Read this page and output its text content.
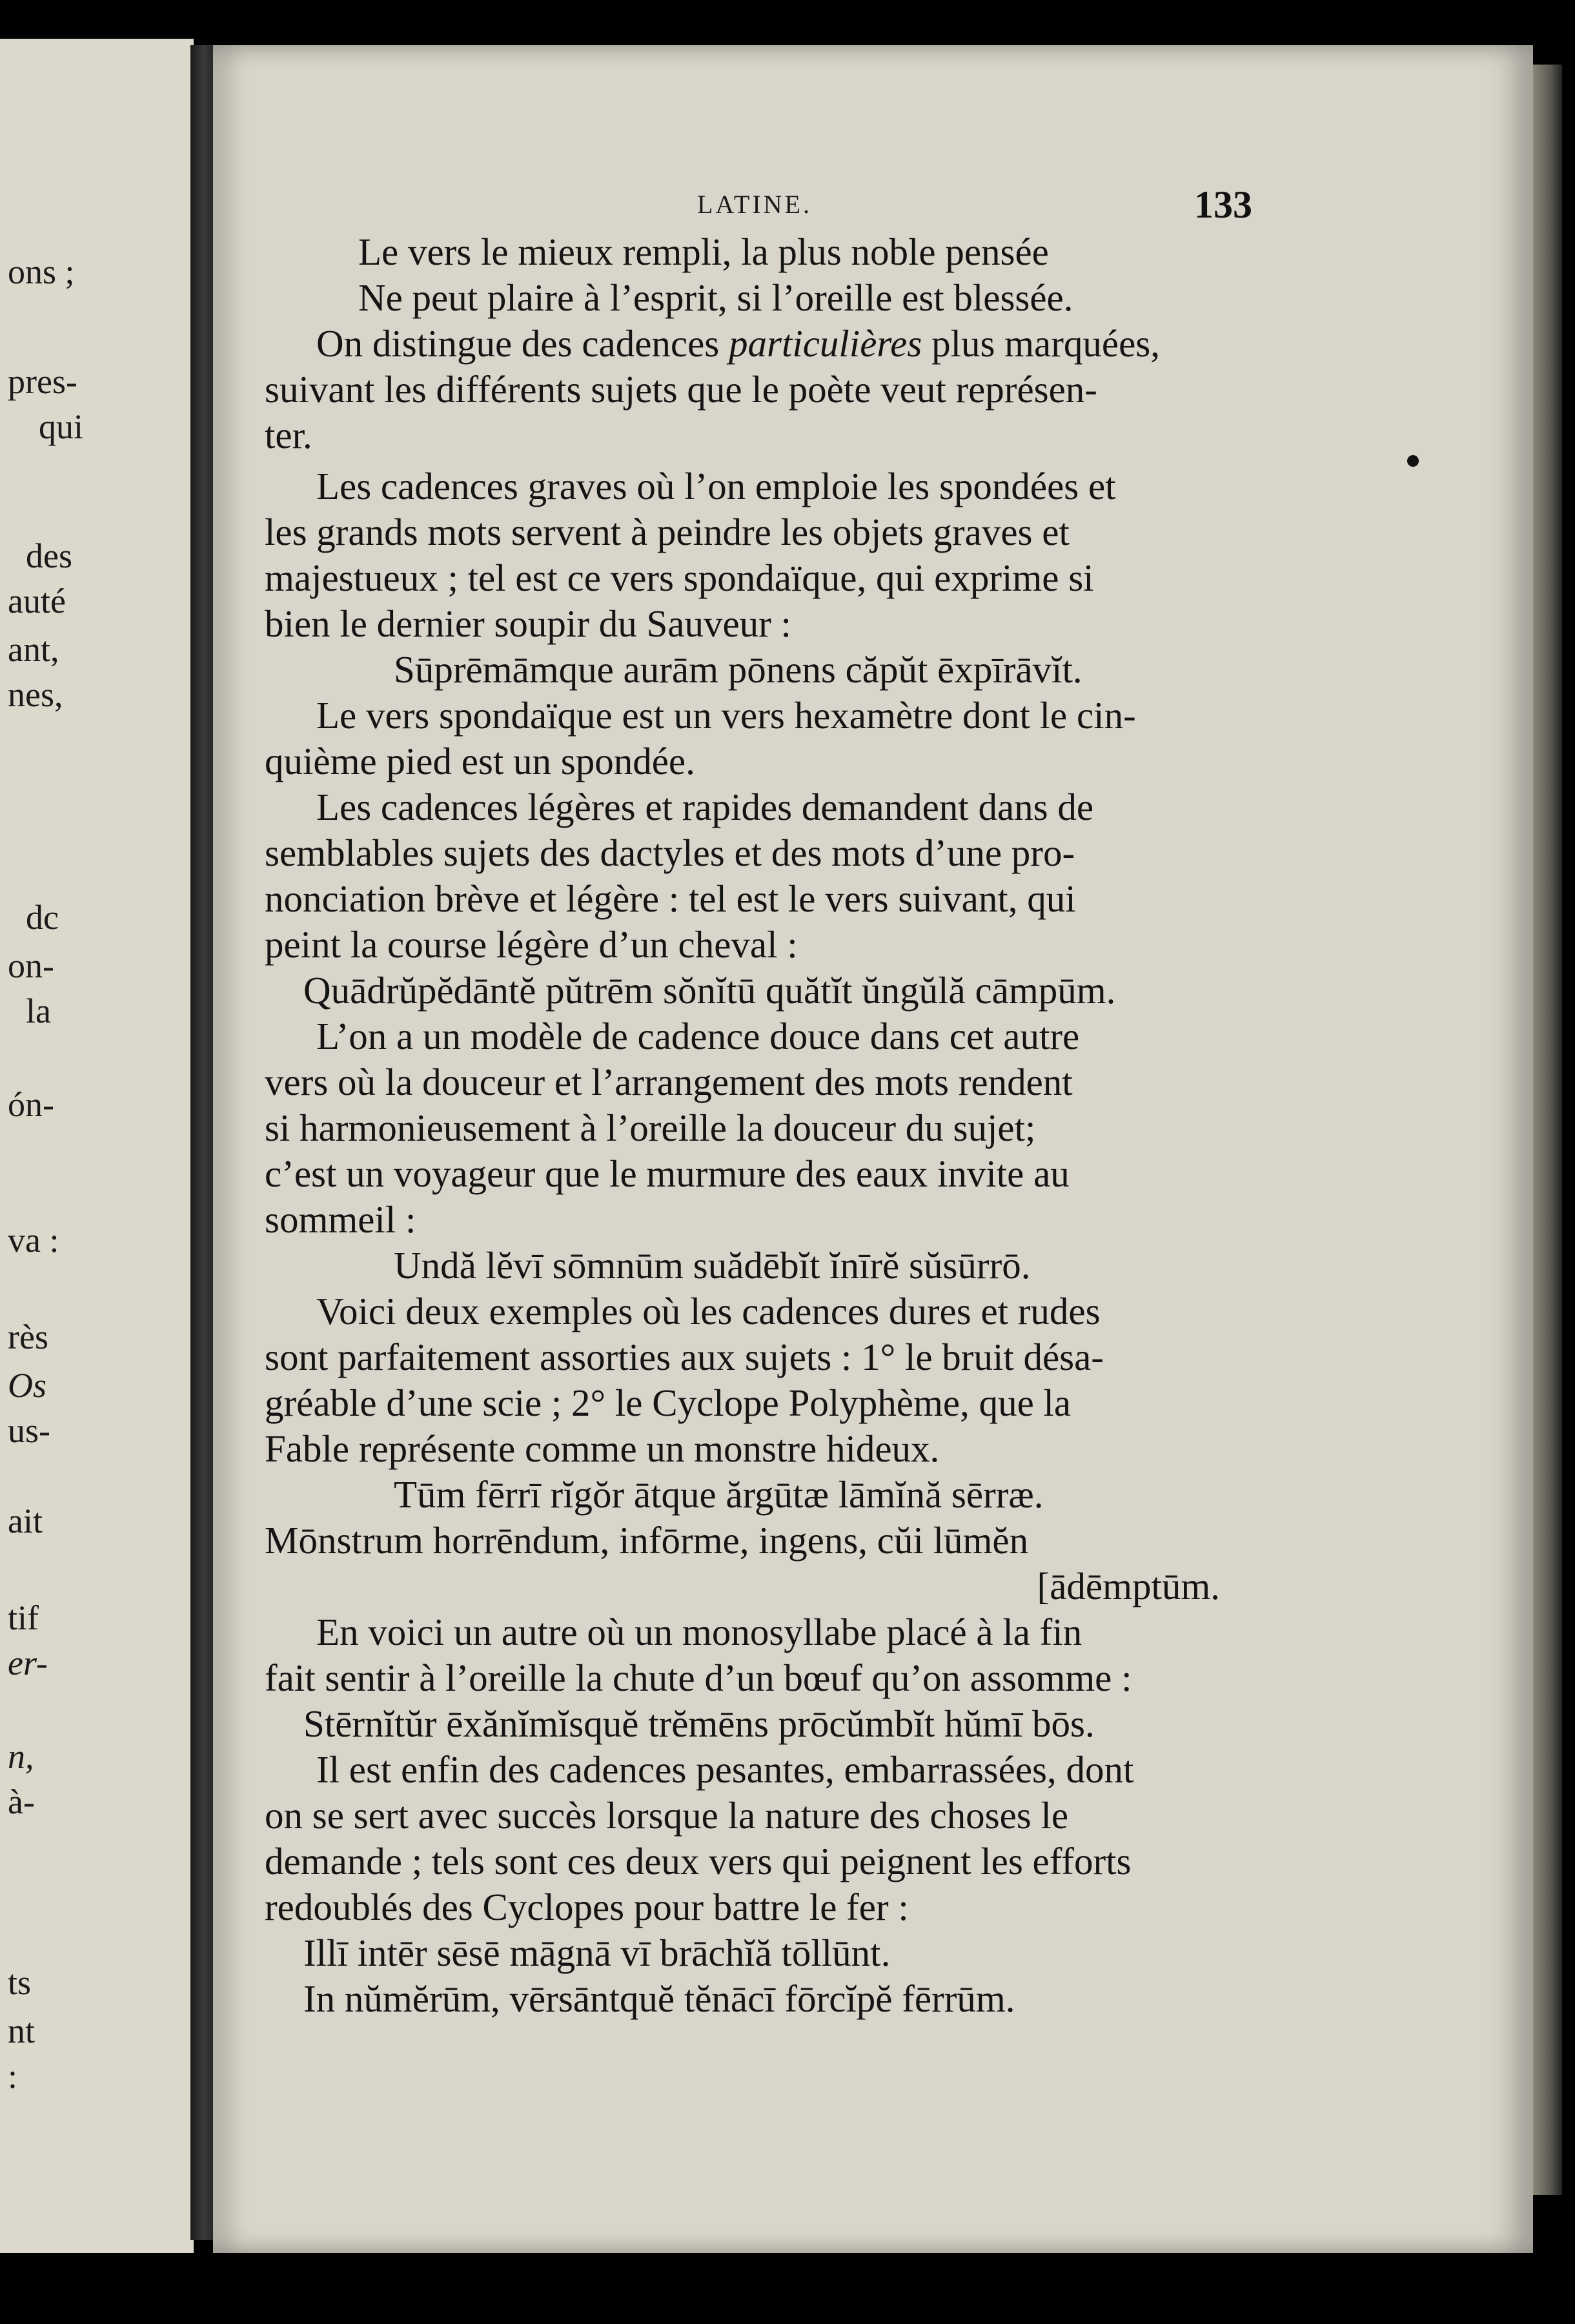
ons ;
pres-
qui
des
auté
ant,
nes,
dc
on-
la
ón-
va :
rès
Os
us-
ait
tif
er-
n,
à-
ts
nt
:
LATINE.	133
Le vers le mieux rempli, la plus noble pensée
Ne peut plaire à l’esprit, si l’oreille est blessée.
On distingue des cadences particulières plus marquées,
suivant les différents sujets que le poète veut représen-
ter.
Les cadences graves où l’on emploie les spondées et
les grands mots servent à peindre les objets graves et
majestueux ; tel est ce vers spondaïque, qui exprime si
bien le dernier soupir du Sauveur :
Sūprēmāmque aurām pōnens căpŭt ēxpīrāvĭt.
Le vers spondaïque est un vers hexamètre dont le cin-
quième pied est un spondée.
Les cadences légères et rapides demandent dans de
semblables sujets des dactyles et des mots d’une pro-
nonciation brève et légère : tel est le vers suivant, qui
peint la course légère d’un cheval :
Quādrŭpĕdāntĕ pŭtrēm sŏnĭtū quătĭt ŭngŭlă cāmpūm.
L’on a un modèle de cadence douce dans cet autre
vers où la douceur et l’arrangement des mots rendent
si harmonieusement à l’oreille la douceur du sujet;
c’est un voyageur que le murmure des eaux invite au
sommeil :
Undă lĕvī sōmnūm suădēbĭt ĭnīrĕ sŭsūrrō.
Voici deux exemples où les cadences dures et rudes
sont parfaitement assorties aux sujets : 1° le bruit désa-
gréable d’une scie ; 2° le Cyclope Polyphème, que la
Fable représente comme un monstre hideux.
Tūm fērrī rĭgŏr ātque ărgūtæ lāmĭnă sērræ.
Mōnstrum horrēndum, infōrme, ingens, cŭi lūmĕn
[ādēmptūm.
En voici un autre où un monosyllabe placé à la fin
fait sentir à l’oreille la chute d’un bœuf qu’on assomme :
Stērnĭtŭr ēxănĭmĭsquĕ trĕmēns prōcŭmbĭt hŭmī bōs.
Il est enfin des cadences pesantes, embarrassées, dont
on se sert avec succès lorsque la nature des choses le
demande ; tels sont ces deux vers qui peignent les efforts
redoublés des Cyclopes pour battre le fer :
Illī intēr sēsē māgnā vī brāchĭă tōllūnt.
In nŭmĕrūm, vērsāntquĕ tĕnācī fōrcĭpĕ fērrūm.
